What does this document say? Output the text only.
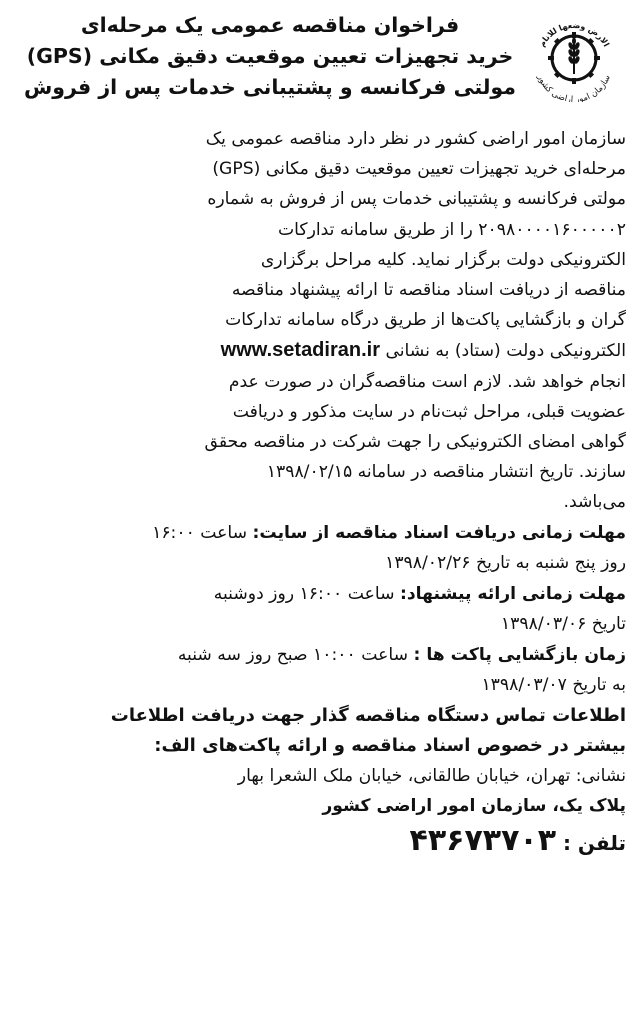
الارض وضعها للانام
سازمان امور اراضی کشور
فراخوان مناقصه عمومی یک مرحله‌ای
خرید تجهیزات تعیین موقعیت دقیق مکانی (GPS)
مولتی فرکانسه و پشتیبانی خدمات پس از فروش

سازمان امور اراضی کشور در نظر دارد مناقصه عمومی یک

مرحله‌ای خرید تجهیزات تعیین موقعیت دقیق مکانی (GPS)

مولتی فرکانسه و پشتیبانی خدمات پس از فروش به شماره

۲۰۹۸۰۰۰۰۱۶۰۰۰۰۰۲ را از طریق سامانه تدارکات

الکترونیکی دولت برگزار نماید. کلیه مراحل برگزاری

مناقصه از دریافت اسناد مناقصه تا ارائه پیشنهاد مناقصه

گران و بازگشایی پاکت‌ها از طریق درگاه سامانه تدارکات

الکترونیکی دولت (ستاد) به نشانی www.setadiran.ir

انجام خواهد شد. لازم است مناقصه‌گران در صورت عدم

عضویت قبلی، مراحل ثبت‌نام در سایت مذکور و دریافت

گواهی امضای الکترونیکی را جهت شرکت در مناقصه محقق

سازند. تاریخ انتشار مناقصه در سامانه ۱۳۹۸/۰۲/۱۵

می‌باشد.

مهلت زمانی دریافت اسناد مناقصه از سایت: ساعت ۱۶:۰۰

روز پنج شنبه به تاریخ ۱۳۹۸/۰۲/۲۶

مهلت زمانی ارائه پیشنهاد: ساعت ۱۶:۰۰ روز دوشنبه

تاریخ ۱۳۹۸/۰۳/۰۶

زمان بازگشایی پاکت ها : ساعت ۱۰:۰۰ صبح روز سه شنبه

به تاریخ ۱۳۹۸/۰۳/۰۷

اطلاعات تماس دستگاه مناقصه گذار جهت دریافت اطلاعات
بیشتر در خصوص اسناد مناقصه و ارائه پاکت‌های الف:
نشانی: تهران، خیابان طالقانی، خیابان ملک الشعرا بهار
پلاک یک، سازمان امور اراضی کشور
تلفن : ۴۳۶۷۳۷۰۳
